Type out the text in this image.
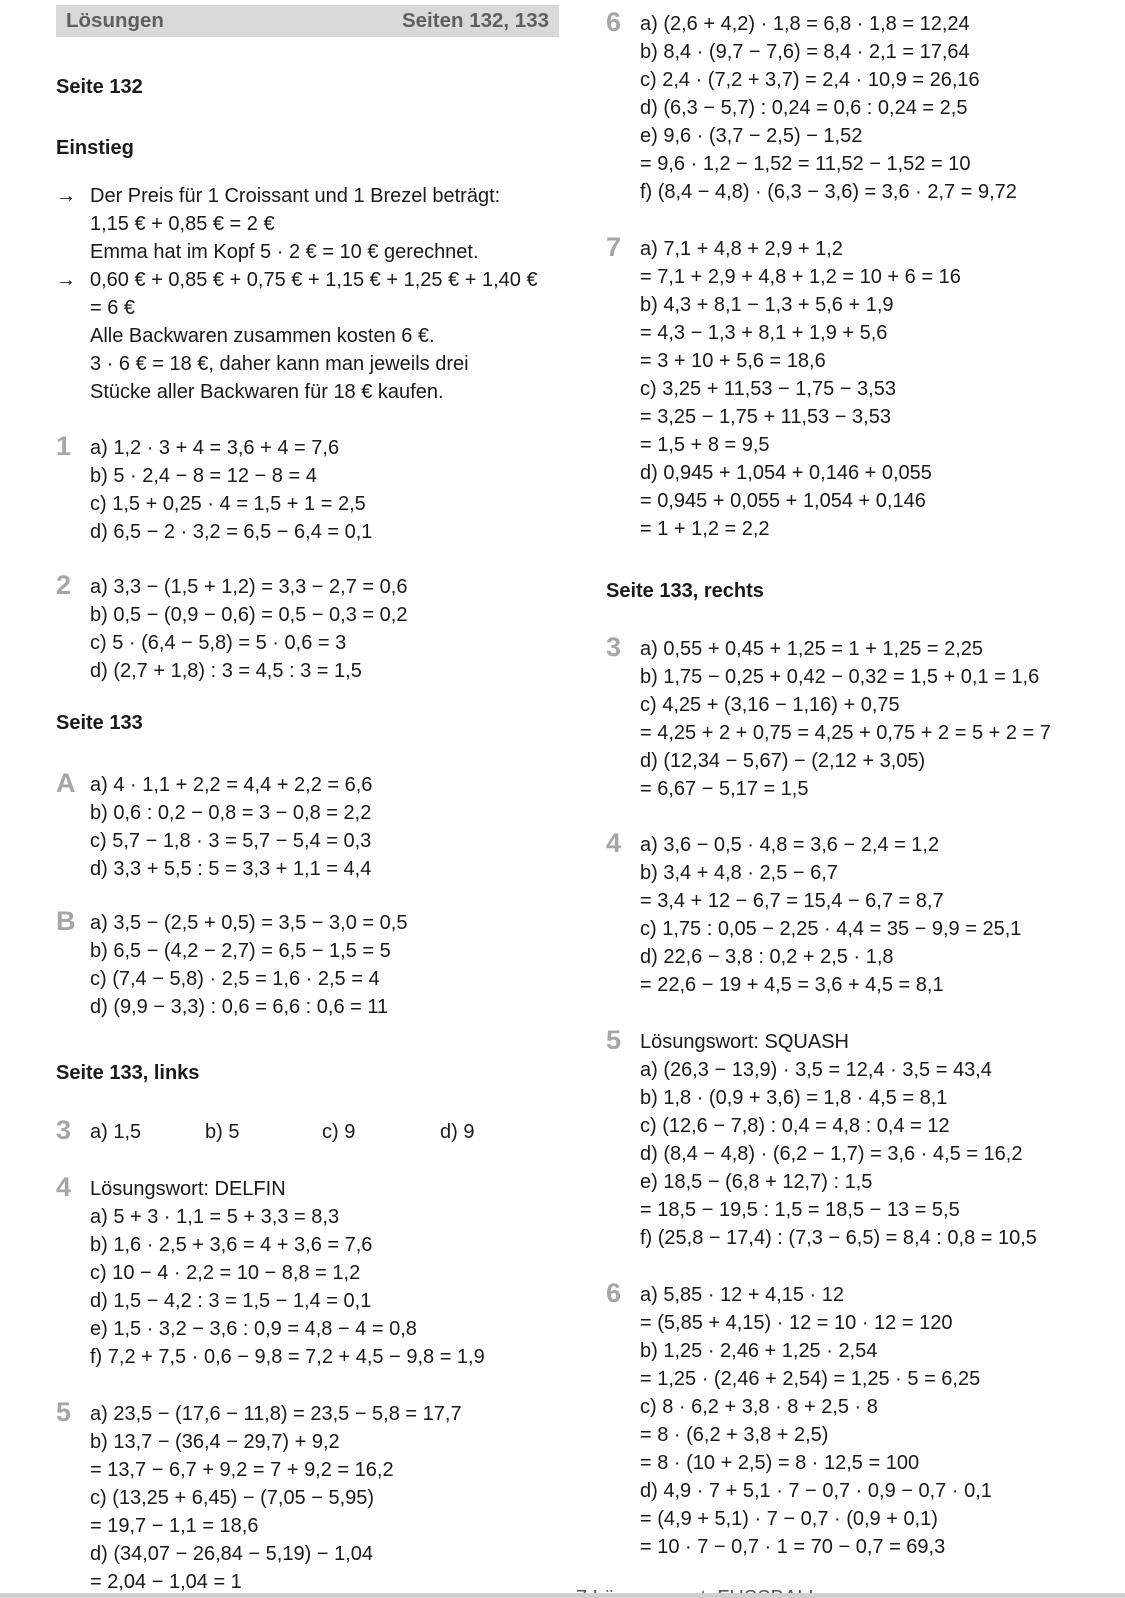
Lösungen	Seiten 132, 133
Seite 132
Einstieg
→ Der Preis für 1 Croissant und 1 Brezel beträgt:
1,15 € + 0,85 € = 2 €
Emma hat im Kopf 5 · 2 € = 10 € gerechnet.
→ 0,60 € + 0,85 € + 0,75 € + 1,15 € + 1,25 € + 1,40 €
= 6 €
Alle Backwaren zusammen kosten 6 €.
3 · 6 € = 18 €, daher kann man jeweils drei
Stücke aller Backwaren für 18 € kaufen.
1 a) 1,2 · 3 + 4 = 3,6 + 4 = 7,6
b) 5 · 2,4 − 8 = 12 − 8 = 4
c) 1,5 + 0,25 · 4 = 1,5 + 1 = 2,5
d) 6,5 − 2 · 3,2 = 6,5 − 6,4 = 0,1
2 a) 3,3 − (1,5 + 1,2) = 3,3 − 2,7 = 0,6
b) 0,5 − (0,9 − 0,6) = 0,5 − 0,3 = 0,2
c) 5 · (6,4 − 5,8) = 5 · 0,6 = 3
d) (2,7 + 1,8) : 3 = 4,5 : 3 = 1,5
Seite 133
A a) 4 · 1,1 + 2,2 = 4,4 + 2,2 = 6,6
b) 0,6 : 0,2 − 0,8 = 3 − 0,8 = 2,2
c) 5,7 − 1,8 · 3 = 5,7 − 5,4 = 0,3
d) 3,3 + 5,5 : 5 = 3,3 + 1,1 = 4,4
B a) 3,5 − (2,5 + 0,5) = 3,5 − 3,0 = 0,5
b) 6,5 − (4,2 − 2,7) = 6,5 − 1,5 = 5
c) (7,4 − 5,8) · 2,5 = 1,6 · 2,5 = 4
d) (9,9 − 3,3) : 0,6 = 6,6 : 0,6 = 11
Seite 133, links
3 a) 1,5	b) 5	c) 9	d) 9
4 Lösungswort: DELFIN
a) 5 + 3 · 1,1 = 5 + 3,3 = 8,3
b) 1,6 · 2,5 + 3,6 = 4 + 3,6 = 7,6
c) 10 − 4 · 2,2 = 10 − 8,8 = 1,2
d) 1,5 − 4,2 : 3 = 1,5 − 1,4 = 0,1
e) 1,5 · 3,2 − 3,6 : 0,9 = 4,8 − 4 = 0,8
f) 7,2 + 7,5 · 0,6 − 9,8 = 7,2 + 4,5 − 9,8 = 1,9
5 a) 23,5 − (17,6 − 11,8) = 23,5 − 5,8 = 17,7
b) 13,7 − (36,4 − 29,7) + 9,2
= 13,7 − 6,7 + 9,2 = 7 + 9,2 = 16,2
c) (13,25 + 6,45) − (7,05 − 5,95)
= 19,7 − 1,1 = 18,6
d) (34,07 − 26,84 − 5,19) − 1,04
= 2,04 − 1,04 = 1
6 a) (2,6 + 4,2) · 1,8 = 6,8 · 1,8 = 12,24
b) 8,4 · (9,7 − 7,6) = 8,4 · 2,1 = 17,64
c) 2,4 · (7,2 + 3,7) = 2,4 · 10,9 = 26,16
d) (6,3 − 5,7) : 0,24 = 0,6 : 0,24 = 2,5
e) 9,6 · (3,7 − 2,5) − 1,52
= 9,6 · 1,2 − 1,52 = 11,52 − 1,52 = 10
f) (8,4 − 4,8) · (6,3 − 3,6) = 3,6 · 2,7 = 9,72
7 a) 7,1 + 4,8 + 2,9 + 1,2
= 7,1 + 2,9 + 4,8 + 1,2 = 10 + 6 = 16
b) 4,3 + 8,1 − 1,3 + 5,6 + 1,9
= 4,3 − 1,3 + 8,1 + 1,9 + 5,6
= 3 + 10 + 5,6 = 18,6
c) 3,25 + 11,53 − 1,75 − 3,53
= 3,25 − 1,75 + 11,53 − 3,53
= 1,5 + 8 = 9,5
d) 0,945 + 1,054 + 0,146 + 0,055
= 0,945 + 0,055 + 1,054 + 0,146
= 1 + 1,2 = 2,2
Seite 133, rechts
3 a) 0,55 + 0,45 + 1,25 = 1 + 1,25 = 2,25
b) 1,75 − 0,25 + 0,42 − 0,32 = 1,5 + 0,1 = 1,6
c) 4,25 + (3,16 − 1,16) + 0,75
= 4,25 + 2 + 0,75 = 4,25 + 0,75 + 2 = 5 + 2 = 7
d) (12,34 − 5,67) − (2,12 + 3,05)
= 6,67 − 5,17 = 1,5
4 a) 3,6 − 0,5 · 4,8 = 3,6 − 2,4 = 1,2
b) 3,4 + 4,8 · 2,5 − 6,7
= 3,4 + 12 − 6,7 = 15,4 − 6,7 = 8,7
c) 1,75 : 0,05 − 2,25 · 4,4 = 35 − 9,9 = 25,1
d) 22,6 − 3,8 : 0,2 + 2,5 · 1,8
= 22,6 − 19 + 4,5 = 3,6 + 4,5 = 8,1
5 Lösungswort: SQUASH
a) (26,3 − 13,9) · 3,5 = 12,4 · 3,5 = 43,4
b) 1,8 · (0,9 + 3,6) = 1,8 · 4,5 = 8,1
c) (12,6 − 7,8) : 0,4 = 4,8 : 0,4 = 12
d) (8,4 − 4,8) · (6,2 − 1,7) = 3,6 · 4,5 = 16,2
e) 18,5 − (6,8 + 12,7) : 1,5
= 18,5 − 19,5 : 1,5 = 18,5 − 13 = 5,5
f) (25,8 − 17,4) : (7,3 − 6,5) = 8,4 : 0,8 = 10,5
6 a) 5,85 · 12 + 4,15 · 12
= (5,85 + 4,15) · 12 = 10 · 12 = 120
b) 1,25 · 2,46 + 1,25 · 2,54
= 1,25 · (2,46 + 2,54) = 1,25 · 5 = 6,25
c) 8 · 6,2 + 3,8 · 8 + 2,5 · 8
= 8 · (6,2 + 3,8 + 2,5)
= 8 · (10 + 2,5) = 8 · 12,5 = 100
d) 4,9 · 7 + 5,1 · 7 − 0,7 · 0,9 − 0,7 · 0,1
= (4,9 + 5,1) · 7 − 0,7 · (0,9 + 0,1)
= 10 · 7 − 0,7 · 1 = 70 − 0,7 = 69,3
